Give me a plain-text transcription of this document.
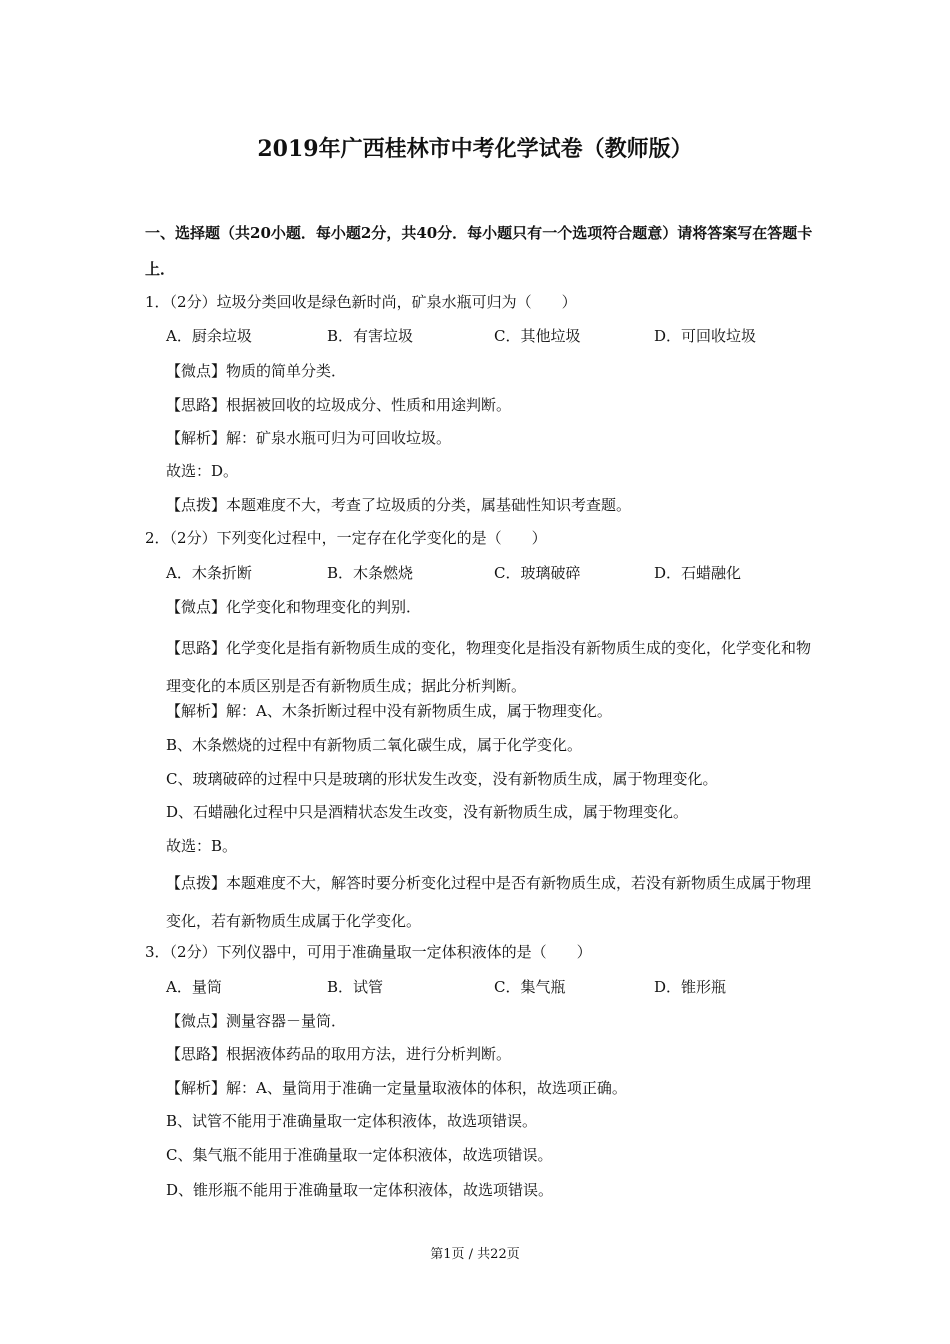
2019年广西桂林市中考化学试卷（教师版）
一、选择题（共20小题．每小题2分，共40分．每小题只有一个选项符合题意）请将答案写在答题卡上．
1．（2分）垃圾分类回收是绿色新时尚，矿泉水瓶可归为（　　）
A．厨余垃圾	B．有害垃圾	C．其他垃圾	D．可回收垃圾
【微点】物质的简单分类．
【思路】根据被回收的垃圾成分、性质和用途判断。
【解析】解：矿泉水瓶可归为可回收垃圾。
故选：D。
【点拨】本题难度不大，考查了垃圾质的分类，属基础性知识考查题。
2．（2分）下列变化过程中，一定存在化学变化的是（　　）
A．木条折断	B．木条燃烧	C．玻璃破碎	D．石蜡融化
【微点】化学变化和物理变化的判别．
【思路】化学变化是指有新物质生成的变化，物理变化是指没有新物质生成的变化，化学变化和物理变化的本质区别是否有新物质生成；据此分析判断。
【解析】解：A、木条折断过程中没有新物质生成，属于物理变化。
B、木条燃烧的过程中有新物质二氧化碳生成，属于化学变化。
C、玻璃破碎的过程中只是玻璃的形状发生改变，没有新物质生成，属于物理变化。
D、石蜡融化过程中只是酒精状态发生改变，没有新物质生成，属于物理变化。
故选：B。
【点拨】本题难度不大，解答时要分析变化过程中是否有新物质生成，若没有新物质生成属于物理变化，若有新物质生成属于化学变化。
3．（2分）下列仪器中，可用于准确量取一定体积液体的是（　　）
A．量筒	B．试管	C．集气瓶	D．锥形瓶
【微点】测量容器－量筒．
【思路】根据液体药品的取用方法，进行分析判断。
【解析】解：A、量筒用于准确一定量量取液体的体积，故选项正确。
B、试管不能用于准确量取一定体积液体，故选项错误。
C、集气瓶不能用于准确量取一定体积液体，故选项错误。
D、锥形瓶不能用于准确量取一定体积液体，故选项错误。
第1页 / 共22页
